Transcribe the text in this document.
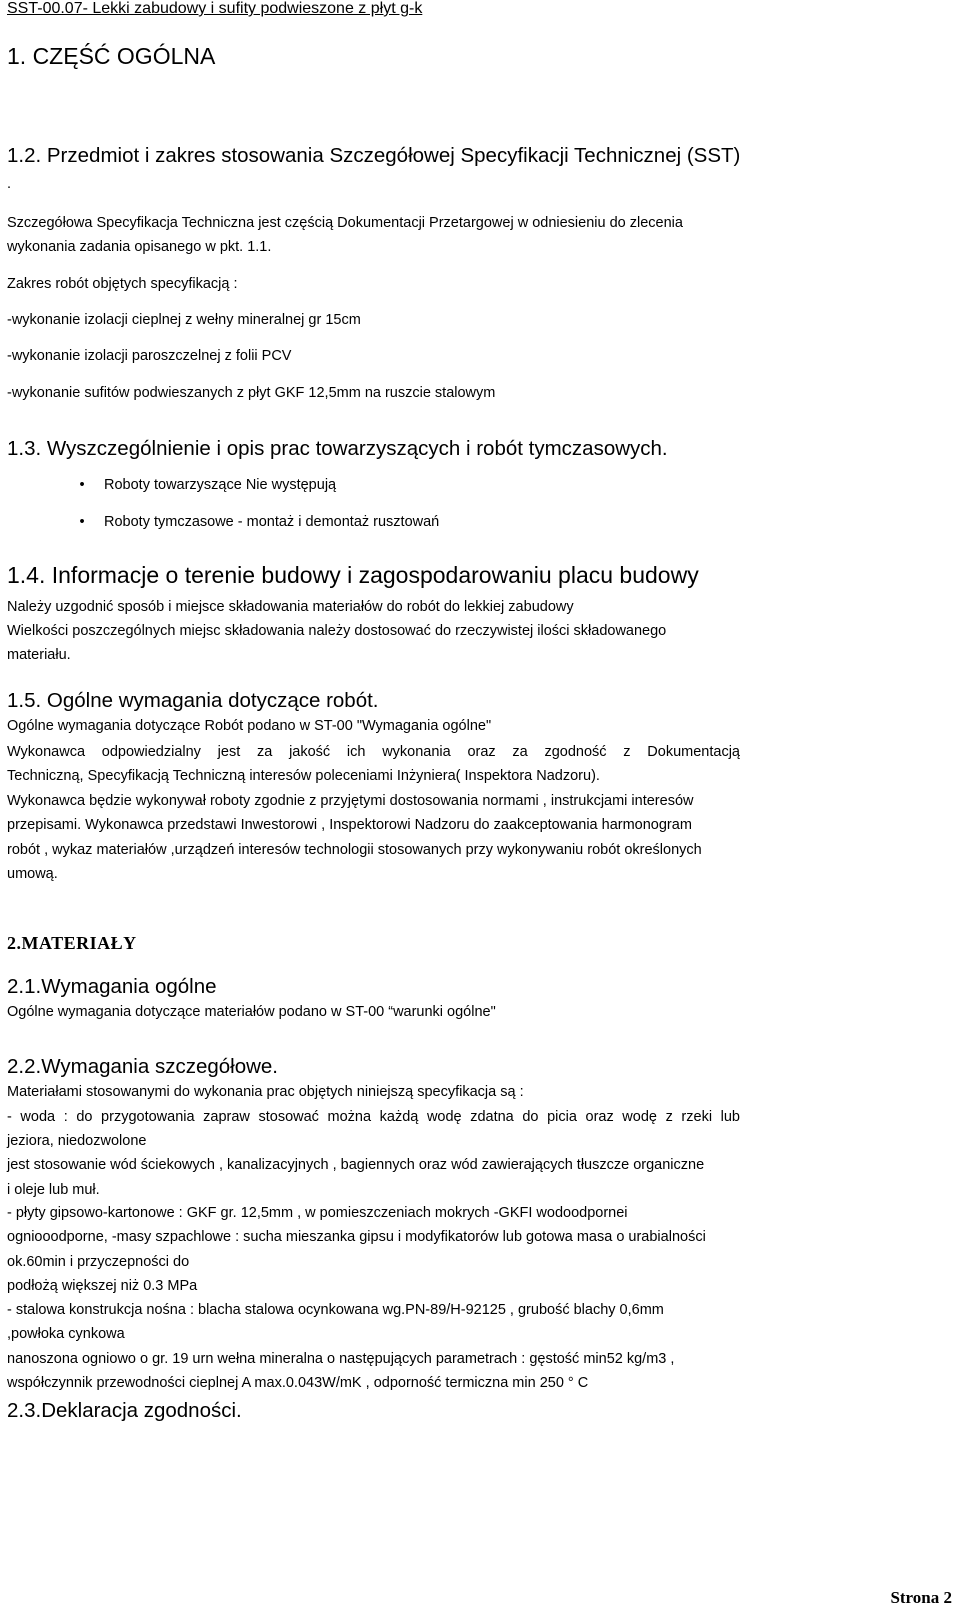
SST-00.07- Lekki zabudowy i sufity podwieszone z płyt g-k
1. CZĘŚĆ OGÓLNA
1.2. Przedmiot i zakres stosowania Szczegółowej Specyfikacji Technicznej (SST)
.
Szczegółowa Specyfikacja Techniczna jest częścią Dokumentacji Przetargowej w odniesieniu do zlecenia
wykonania zadania opisanego w pkt. 1.1.
Zakres robót objętych specyfikacją :
-wykonanie izolacji cieplnej z wełny mineralnej gr 15cm
-wykonanie izolacji paroszczelnej z folii PCV
-wykonanie sufitów podwieszanych z płyt GKF 12,5mm na ruszcie stalowym
1.3. Wyszczególnienie i opis prac towarzyszących i robót tymczasowych.
• Roboty towarzyszące Nie występują
• Roboty tymczasowe - montaż i demontaż rusztowań
1.4. Informacje o terenie budowy i zagospodarowaniu placu budowy
Należy uzgodnić sposób i miejsce składowania materiałów do robót do lekkiej zabudowy
Wielkości poszczególnych miejsc składowania należy dostosować do rzeczywistej ilości składowanego
materiału.
1.5. Ogólne wymagania dotyczące robót.
Ogólne wymagania dotyczące Robót podano w ST-00 "Wymagania ogólne"
Wykonawca odpowiedzialny jest za jakość ich wykonania oraz za zgodność z Dokumentacją
Techniczną, Specyfikacją Techniczną interesów poleceniami Inżyniera( Inspektora Nadzoru).
Wykonawca będzie wykonywał roboty zgodnie z przyjętymi dostosowania normami , instrukcjami interesów
przepisami. Wykonawca przedstawi Inwestorowi , Inspektorowi Nadzoru do zaakceptowania harmonogram
robót , wykaz materiałów ,urządzeń interesów technologii stosowanych przy wykonywaniu robót określonych
umową.
2.MATERIAŁY
2.1.Wymagania ogólne
Ogólne wymagania dotyczące materiałów podano w ST-00 “warunki ogólne"
2.2.Wymagania szczegółowe.
Materiałami stosowanymi do wykonania prac objętych niniejszą specyfikacja są :
- woda : do przygotowania zapraw stosować można każdą wodę zdatna do picia oraz wodę z rzeki lub
jeziora, niedozwolone
jest stosowanie wód ściekowych , kanalizacyjnych , bagiennych oraz wód zawierających tłuszcze organiczne
i oleje lub muł.
- płyty gipsowo-kartonowe : GKF gr. 12,5mm , w pomieszczeniach mokrych -GKFI wodoodpornei
ogniooodporne, -masy szpachlowe : sucha mieszanka gipsu i modyfikatorów lub gotowa masa o urabialności
ok.60min i przyczepności do
podłożą większej niż 0.3 MPa
- stalowa konstrukcja nośna : blacha stalowa ocynkowana wg.PN-89/H-92125 , grubość blachy 0,6mm
,powłoka cynkowa
nanoszona ogniowo o gr. 19 urn wełna mineralna o następujących parametrach : gęstość min52 kg/m3 ,
współczynnik przewodności cieplnej A max.0.043W/mK , odporność termiczna min 250 ° C
2.3.Deklaracja zgodności.
Strona 2
